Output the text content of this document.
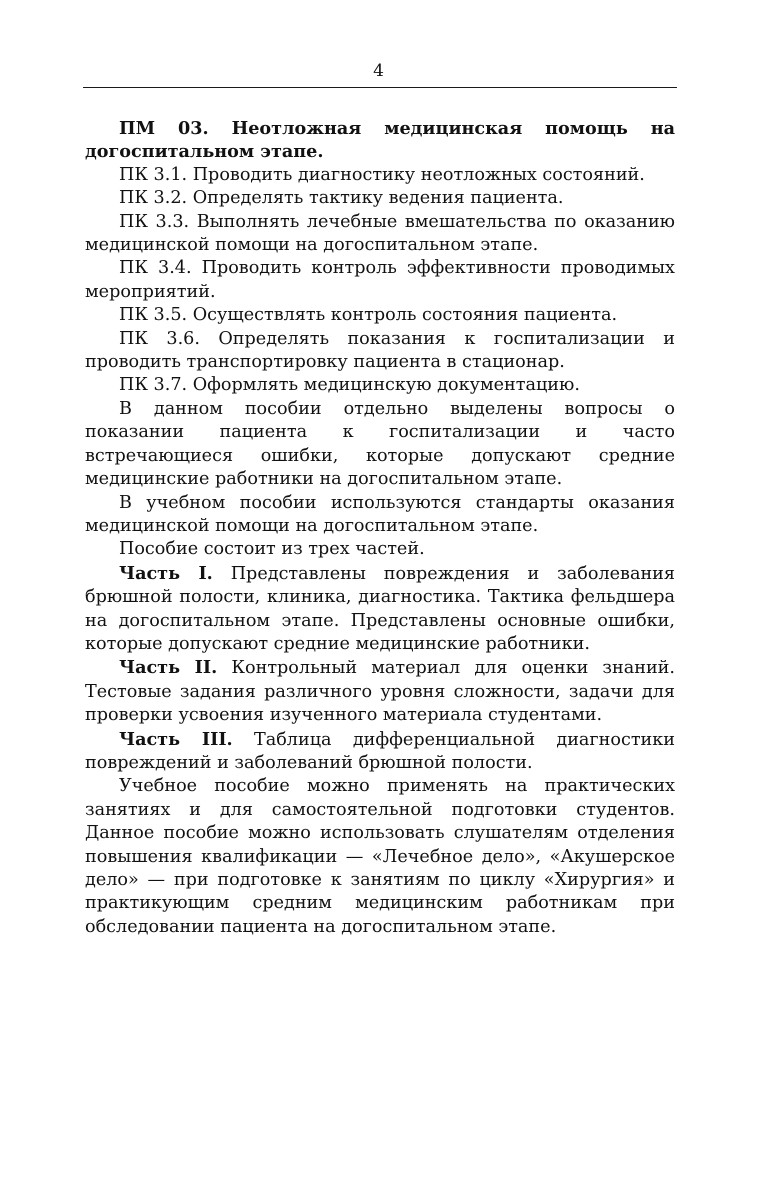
4

ПМ 03. Неотложная медицинская помощь на догоспитальном этапе.

ПК 3.1. Проводить диагностику неотложных состояний.

ПК 3.2. Определять тактику ведения пациента.

ПК 3.3. Выполнять лечебные вмешательства по оказанию медицинской помощи на догоспитальном этапе.

ПК 3.4. Проводить контроль эффективности проводимых мероприятий.

ПК 3.5. Осуществлять контроль состояния пациента.

ПК 3.6. Определять показания к госпитализации и проводить транспортировку пациента в стационар.

ПК 3.7. Оформлять медицинскую документацию.

В данном пособии отдельно выделены вопросы о показании пациента к госпитализации и часто встречающиеся ошибки, которые допускают средние медицинские работники на догоспитальном этапе.

В учебном пособии используются стандарты оказания медицинской помощи на догоспитальном этапе.

Пособие состоит из трех частей.

Часть I. Представлены повреждения и заболевания брюшной полости, клиника, диагностика. Тактика фельдшера на догоспитальном этапе. Представлены основные ошибки, которые допускают средние медицинские работники.

Часть II. Контрольный материал для оценки знаний. Тестовые задания различного уровня сложности, задачи для проверки усвоения изученного материала студентами.

Часть III. Таблица дифференциальной диагностики повреждений и заболеваний брюшной полости.

Учебное пособие можно применять на практических занятиях и для самостоятельной подготовки студентов. Данное пособие можно использовать слушателям отделения повышения квалификации — «Лечебное дело», «Акушерское дело» — при подготовке к занятиям по циклу «Хирургия» и практикующим средним медицинским работникам при обследовании пациента на догоспитальном этапе.
